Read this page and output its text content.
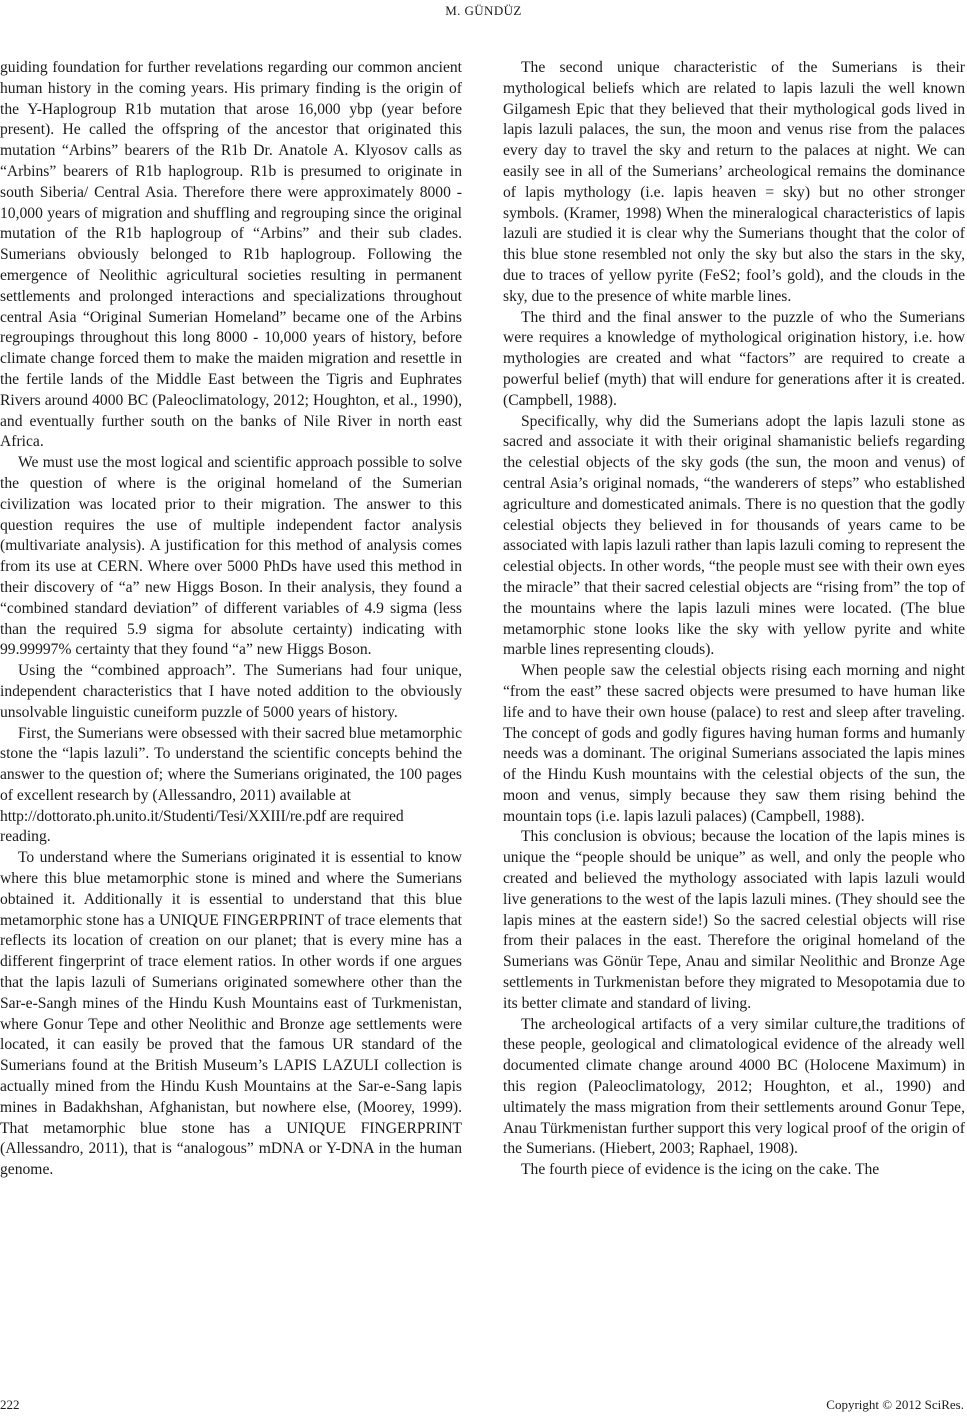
M. GÜNDÜZ

guiding foundation for further revelations regarding our common ancient human history in the coming years. His primary finding is the origin of the Y-Haplogroup R1b mutation that arose 16,000 ybp (year before present). He called the offspring of the ancestor that originated this mutation “Arbins” bearers of the R1b Dr. Anatole A. Klyosov calls as “Arbins” bearers of R1b haplogroup. R1b is presumed to originate in south Siberia/ Central Asia. Therefore there were approximately 8000 - 10,000 years of migration and shuffling and regrouping since the original mutation of the R1b haplogroup of “Arbins” and their sub clades. Sumerians obviously belonged to R1b haplogroup. Following the emergence of Neolithic agricultural societies resulting in permanent settlements and prolonged interactions and specializations throughout central Asia “Original Sumerian Homeland” became one of the Arbins regroupings throughout this long 8000 - 10,000 years of history, before climate change forced them to make the maiden migration and resettle in the fertile lands of the Middle East between the Tigris and Euphrates Rivers around 4000 BC (Paleoclimatology, 2012; Houghton, et al., 1990), and eventually further south on the banks of Nile River in north east Africa.

We must use the most logical and scientific approach possible to solve the question of where is the original homeland of the Sumerian civilization was located prior to their migration. The answer to this question requires the use of multiple independent factor analysis (multivariate analysis). A justification for this method of analysis comes from its use at CERN. Where over 5000 PhDs have used this method in their discovery of “a” new Higgs Boson. In their analysis, they found a “combined standard deviation” of different variables of 4.9 sigma (less than the required 5.9 sigma for absolute certainty) indicating with 99.99997% certainty that they found “a” new Higgs Boson.

Using the “combined approach”. The Sumerians had four unique, independent characteristics that I have noted addition to the obviously unsolvable linguistic cuneiform puzzle of 5000 years of history.

First, the Sumerians were obsessed with their sacred blue metamorphic stone the “lapis lazuli”. To understand the scientific concepts behind the answer to the question of; where the Sumerians originated, the 100 pages of excellent research by (Allessandro, 2011) available at

http://dottorato.ph.unito.it/Studenti/Tesi/XXIII/re.pdf are required

reading.

To understand where the Sumerians originated it is essential to know where this blue metamorphic stone is mined and where the Sumerians obtained it. Additionally it is essential to understand that this blue metamorphic stone has a UNIQUE FINGERPRINT of trace elements that reflects its location of creation on our planet; that is every mine has a different fingerprint of trace element ratios. In other words if one argues that the lapis lazuli of Sumerians originated somewhere other than the Sar-e-Sangh mines of the Hindu Kush Mountains east of Turkmenistan, where Gonur Tepe and other Neolithic and Bronze age settlements were located, it can easily be proved that the famous UR standard of the Sumerians found at the British Museum’s LAPIS LAZULI collection is actually mined from the Hindu Kush Mountains at the Sar-e-Sang lapis mines in Badakhshan, Afghanistan, but nowhere else, (Moorey, 1999). That metamorphic blue stone has a UNIQUE FINGERPRINT (Allessandro, 2011), that is “analogous” mDNA or Y-DNA in the human genome.

The second unique characteristic of the Sumerians is their mythological beliefs which are related to lapis lazuli the well known Gilgamesh Epic that they believed that their mythological gods lived in lapis lazuli palaces, the sun, the moon and venus rise from the palaces every day to travel the sky and return to the palaces at night. We can easily see in all of the Sumerians’ archeological remains the dominance of lapis mythology (i.e. lapis heaven = sky) but no other stronger symbols. (Kramer, 1998) When the mineralogical characteristics of lapis lazuli are studied it is clear why the Sumerians thought that the color of this blue stone resembled not only the sky but also the stars in the sky, due to traces of yellow pyrite (FeS2; fool’s gold), and the clouds in the sky, due to the presence of white marble lines.

The third and the final answer to the puzzle of who the Sumerians were requires a knowledge of mythological origination history, i.e. how mythologies are created and what “factors” are required to create a powerful belief (myth) that will endure for generations after it is created. (Campbell, 1988).

Specifically, why did the Sumerians adopt the lapis lazuli stone as sacred and associate it with their original shamanistic beliefs regarding the celestial objects of the sky gods (the sun, the moon and venus) of central Asia’s original nomads, “the wanderers of steps” who established agriculture and domesticated animals. There is no question that the godly celestial objects they believed in for thousands of years came to be associated with lapis lazuli rather than lapis lazuli coming to represent the celestial objects. In other words, “the people must see with their own eyes the miracle” that their sacred celestial objects are “rising from” the top of the mountains where the lapis lazuli mines were located. (The blue metamorphic stone looks like the sky with yellow pyrite and white marble lines representing clouds).

When people saw the celestial objects rising each morning and night “from the east” these sacred objects were presumed to have human like life and to have their own house (palace) to rest and sleep after traveling. The concept of gods and godly figures having human forms and humanly needs was a dominant. The original Sumerians associated the lapis mines of the Hindu Kush mountains with the celestial objects of the sun, the moon and venus, simply because they saw them rising behind the mountain tops (i.e. lapis lazuli palaces) (Campbell, 1988).

This conclusion is obvious; because the location of the lapis mines is unique the “people should be unique” as well, and only the people who created and believed the mythology associated with lapis lazuli would live generations to the west of the lapis lazuli mines. (They should see the lapis mines at the eastern side!) So the sacred celestial objects will rise from their palaces in the east. Therefore the original homeland of the Sumerians was Gönür Tepe, Anau and similar Neolithic and Bronze Age settlements in Turkmenistan before they migrated to Mesopotamia due to its better climate and standard of living.

The archeological artifacts of a very similar culture,the traditions of these people, geological and climatological evidence of the already well documented climate change around 4000 BC (Holocene Maximum) in this region (Paleoclimatology, 2012; Houghton, et al., 1990) and ultimately the mass migration from their settlements around Gonur Tepe, Anau Türkmenistan further support this very logical proof of the origin of the Sumerians. (Hiebert, 2003; Raphael, 1908).

The fourth piece of evidence is the icing on the cake. The

222	Copyright © 2012 SciRes.
